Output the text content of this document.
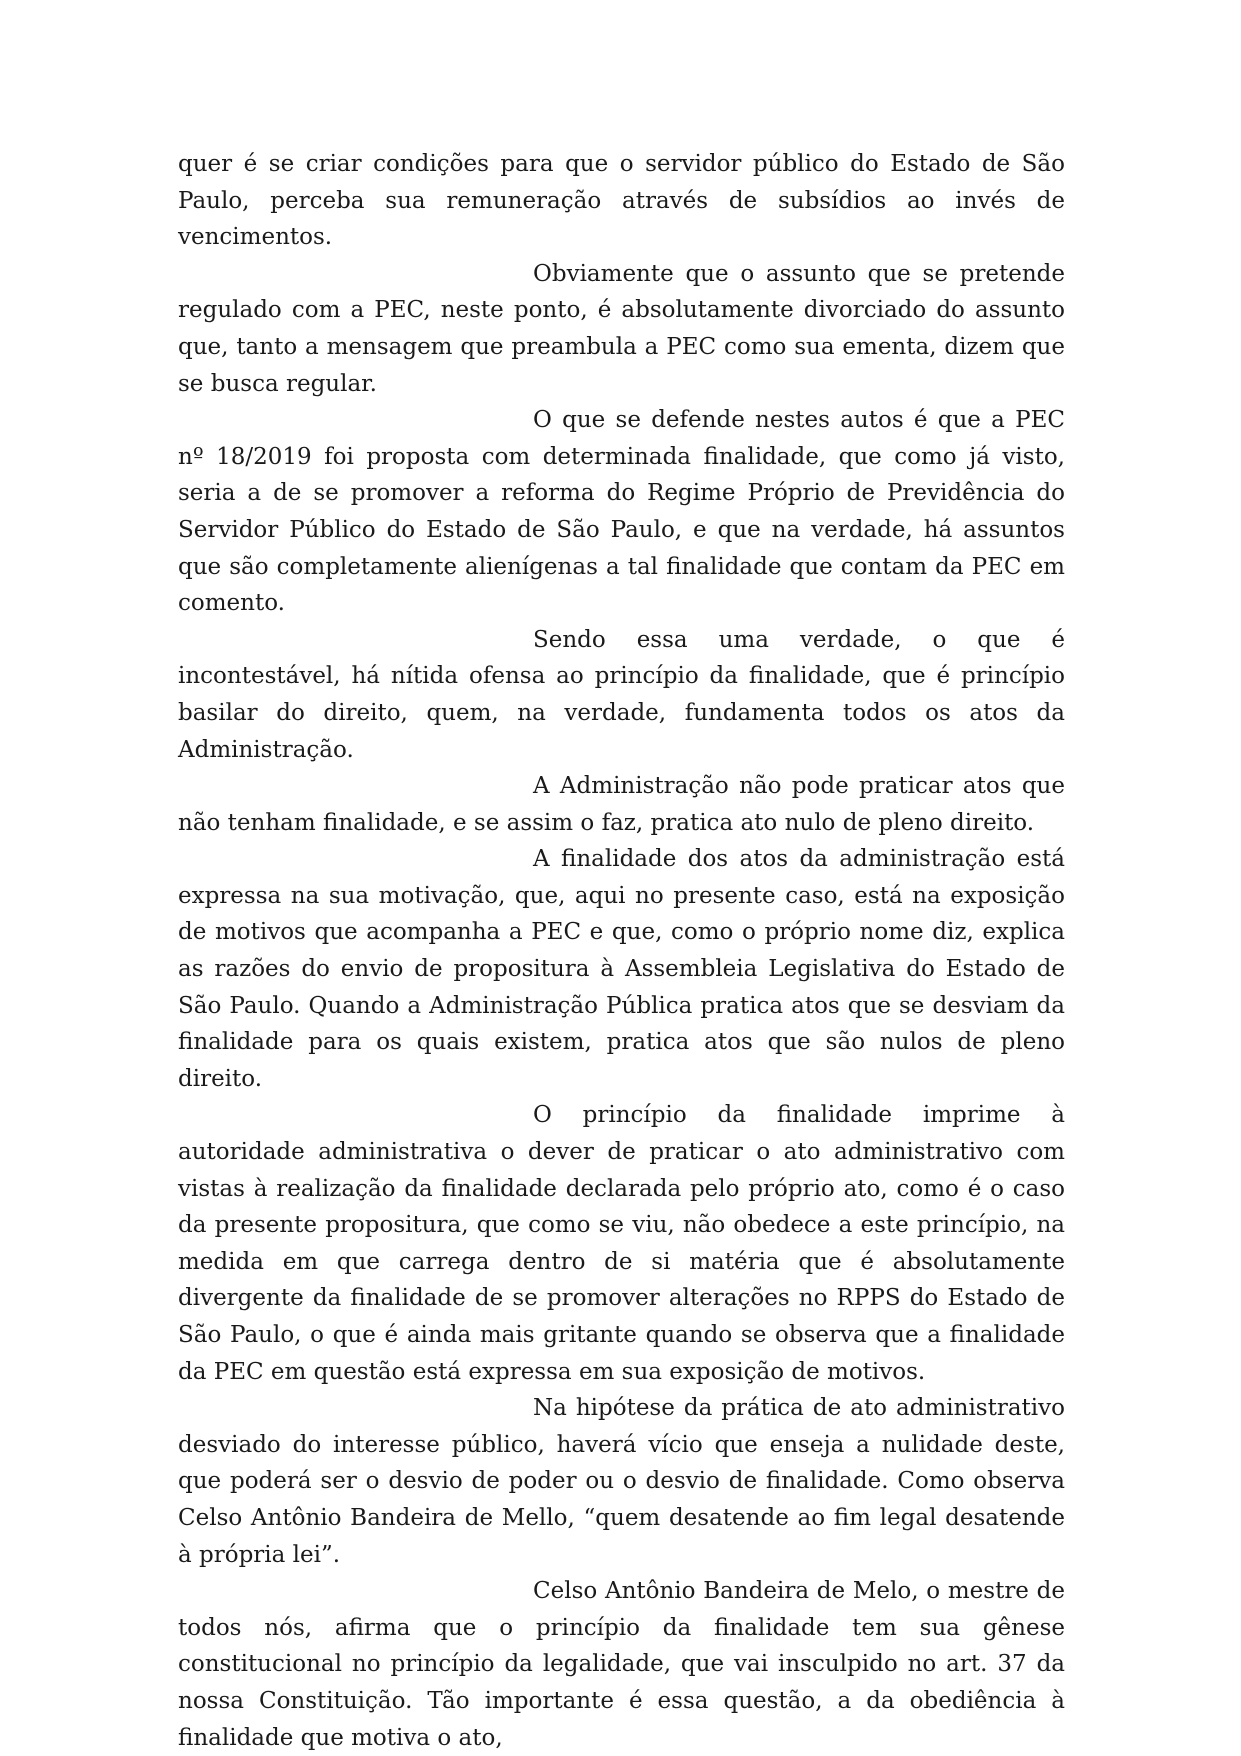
quer é se criar condições para que o servidor público do Estado de São Paulo, perceba sua remuneração através de subsídios ao invés de vencimentos.

Obviamente que o assunto que se pretende regulado com a PEC, neste ponto, é absolutamente divorciado do assunto que, tanto a mensagem que preambula a PEC como sua ementa, dizem que se busca regular.

O que se defende nestes autos é que a PEC nº 18/2019 foi proposta com determinada finalidade, que como já visto, seria a de se promover a reforma do Regime Próprio de Previdência do Servidor Público do Estado de São Paulo, e que na verdade, há assuntos que são completamente alienígenas a tal finalidade que contam da PEC em comento.

Sendo essa uma verdade, o que é incontestável, há nítida ofensa ao princípio da finalidade, que é princípio basilar do direito, quem, na verdade, fundamenta todos os atos da Administração.

A Administração não pode praticar atos que não tenham finalidade, e se assim o faz, pratica ato nulo de pleno direito.

A finalidade dos atos da administração está expressa na sua motivação, que, aqui no presente caso, está na exposição de motivos que acompanha a PEC e que, como o próprio nome diz, explica as razões do envio de propositura à Assembleia Legislativa do Estado de São Paulo. Quando a Administração Pública pratica atos que se desviam da finalidade para os quais existem, pratica atos que são nulos de pleno direito.

O princípio da finalidade imprime à autoridade administrativa o dever de praticar o ato administrativo com vistas à realização da finalidade declarada pelo próprio ato, como é o caso da presente propositura, que como se viu, não obedece a este princípio, na medida em que carrega dentro de si matéria que é absolutamente divergente da finalidade de se promover alterações no RPPS do Estado de São Paulo, o que é ainda mais gritante quando se observa que a finalidade da PEC em questão está expressa em sua exposição de motivos.

Na hipótese da prática de ato administrativo desviado do interesse público, haverá vício que enseja a nulidade deste, que poderá ser o desvio de poder ou o desvio de finalidade. Como observa Celso Antônio Bandeira de Mello, “quem desatende ao fim legal desatende à própria lei”.

Celso Antônio Bandeira de Melo, o mestre de todos nós, afirma que o princípio da finalidade tem sua gênese constitucional no princípio da legalidade, que vai insculpido no art. 37 da nossa Constituição. Tão importante é essa questão, a da obediência à finalidade que motiva o ato,
